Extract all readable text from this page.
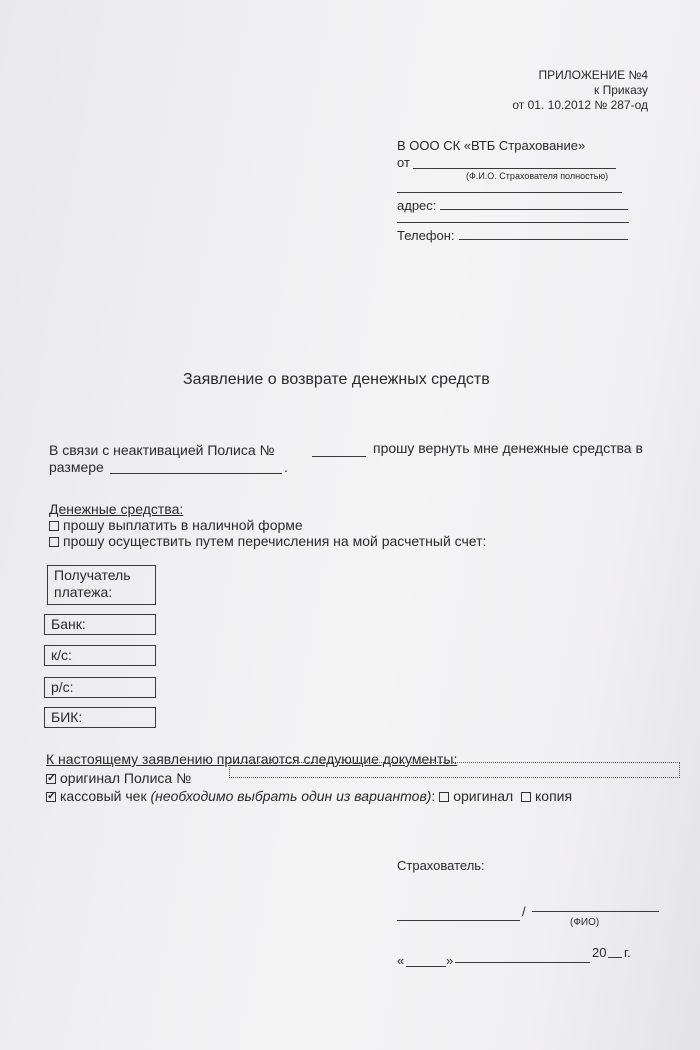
ПРИЛОЖЕНИЕ №4
к Приказу
от 01. 10.2012 № 287-од
В ООО СК «ВТБ Страхование»
от
(Ф.И.О. Страхователя полностью)
адрес:
Телефон:
Заявление о возврате денежных средств
В связи с неактивацией Полиса №	прошу вернуть мне денежные средства в
размере	.
Денежные средства:
прошу выплатить в наличной форме
прошу осуществить путем перечисления на мой расчетный счет:
Получатель платежа:
Банк:
к/с:
р/с:
БИК:
К настоящему заявлению прилагаются следующие документы:
✓оригинал Полиса №
✓кассовый чек (необходимо выбрать один из вариантов): оригинал копия
Страхователь:
/
(ФИО)
«	»
20 г.
